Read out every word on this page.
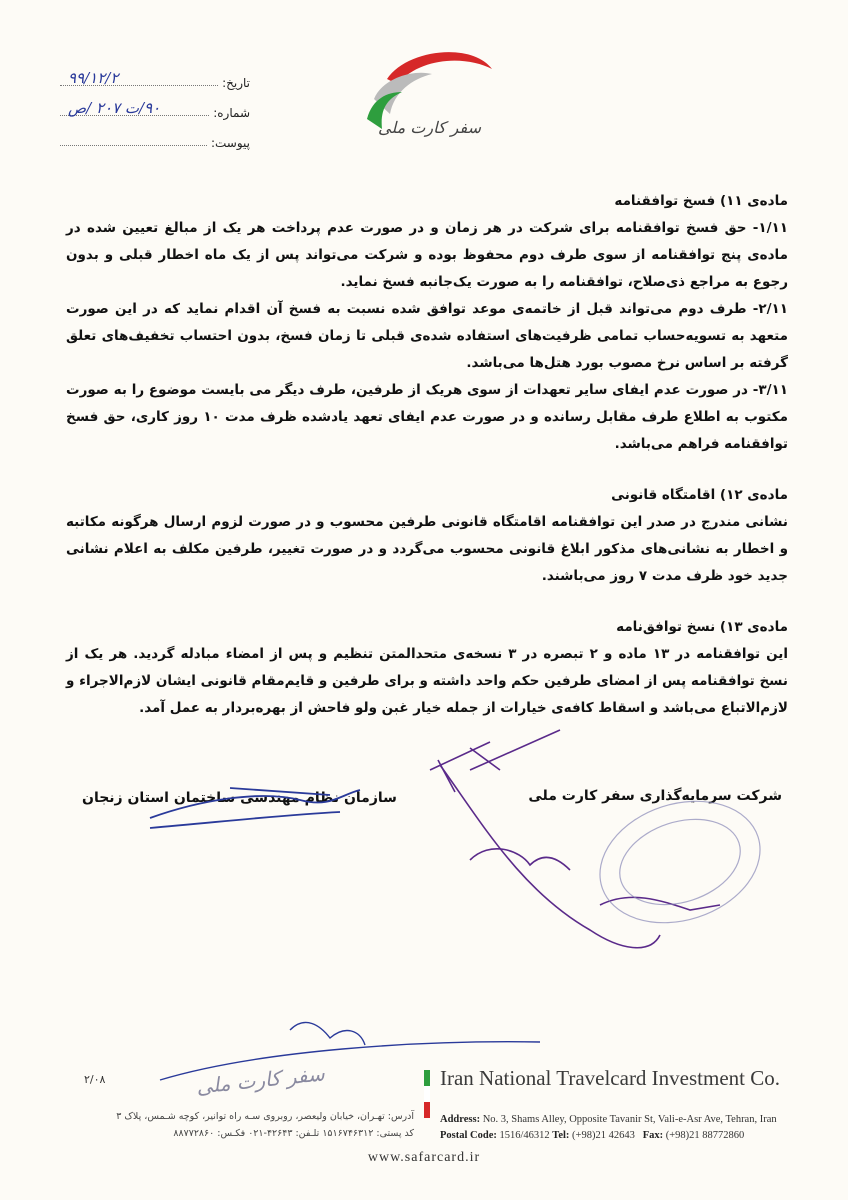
تاریخ:
۹۹/۱۲/۲
شماره:
۹۰/ت ۲۰۷ /ص
پیوست:
سفر کارت ملی

ماده‌ی ۱۱) فسخ توافقنامه

۱/۱۱- حق فسخ توافقنامه برای شرکت در هر زمان و در صورت عدم پرداخت هر یک از مبالغ تعیین شده در ماده‌ی پنج توافقنامه از سوی طرف دوم محفوظ بوده و شرکت می‌تواند پس از یک ماه اخطار قبلی و بدون رجوع به مراجع ذی‌صلاح، توافقنامه را به صورت یک‌جانبه فسخ نماید.

۲/۱۱- طرف دوم می‌تواند قبل از خاتمه‌ی موعد توافق شده نسبت به فسخ آن اقدام نماید که در این صورت متعهد به تسویه‌حساب تمامی ظرفیت‌های استفاده شده‌ی قبلی تا زمان فسخ، بدون احتساب تخفیف‌های تعلق گرفته بر اساس نرخ مصوب بورد هتل‌ها می‌باشد.

۳/۱۱- در صورت عدم ایفای سایر تعهدات از سوی هریک از طرفین، طرف دیگر می بایست موضوع را به صورت مکتوب به اطلاع طرف مقابل رسانده و در صورت عدم ایفای تعهد یادشده ظرف مدت ۱۰ روز کاری، حق فسخ توافقنامه فراهم می‌باشد.

ماده‌ی ۱۲) اقامتگاه قانونی

نشانی مندرج در صدر این توافقنامه اقامتگاه قانونی طرفین محسوب و در صورت لزوم ارسال هرگونه مکاتبه و اخطار به نشانی‌های مذکور ابلاغ قانونی محسوب می‌گردد و در صورت تغییر، طرفین مکلف به اعلام نشانی جدید خود ظرف مدت ۷ روز می‌باشند.

ماده‌ی ۱۳) نسخ توافق‌نامه

این توافقنامه در ۱۳ ماده و ۲ تبصره در ۳ نسخه‌ی متحدالمتن تنظیم و پس از امضاء مبادله گردید. هر یک از نسخ توافقنامه پس از امضای طرفین حکم واحد داشته و برای طرفین و قایم‌مقام قانونی ایشان لازم‌الاجراء و لازم‌الاتباع می‌باشد و اسقاط کافه‌ی خیارات از جمله خیار غبن ولو فاحش از بهره‌بردار به عمل آمد.

شرکت سرمایه‌گذاری سفر کارت ملی
سازمان نظام مهندسی ساختمان استان زنجان
سفر کارت ملی
۲/۰۸	Iran National Travelcard Investment Co.
Address: No. 3, Shams Alley, Opposite Tavanir St, Vali-e-Asr Ave, Tehran, Iran
Postal Code: 1516/46312 Tel: (+98)21 42643 Fax: (+98)21 88772860
آدرس: تهـران، خیابان ولیعصر، روبروی سـه راه توانیر، کوچه شـمس، پلاک ۳
کد پستی: ۱۵۱۶۷۴۶۳۱۲ تلـفن: ۴۲۶۴۳-۰۲۱ فکـس: ۸۸۷۷۲۸۶۰
www.safarcard.ir
